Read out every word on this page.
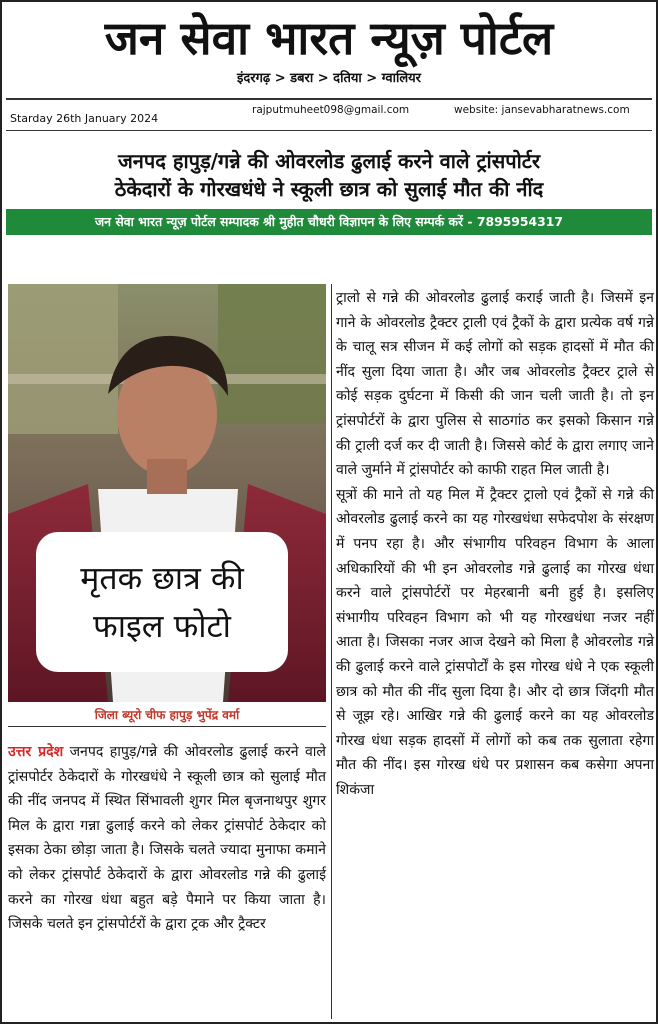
जन सेवा भारत न्यूज़ पोर्टल
इंदरगढ़ > डबरा > दतिया > ग्वालियर
Starday 26th January 2024
rajputmuheet098@gmail.com	website: jansevabharatnews.com
जनपद हापुड़/गन्ने की ओवरलोड ढुलाई करने वाले ट्रांसपोर्टर
ठेकेदारों के गोरखधंधे ने स्कूली छात्र को सुलाई मौत की नींद
जन सेवा भारत न्यूज़ पोर्टल सम्पादक श्री मुहीत चौधरी विज्ञापन के लिए सम्पर्क करें - 7895954317
मृतक छात्र की
फाइल फोटो
जिला ब्यूरो चीफ हापुड़ भुपेंद्र वर्मा

ट्रालो से गन्ने की ओवरलोड ढुलाई कराई जाती है। जिसमें इन गाने के ओवरलोड ट्रैक्टर ट्राली एवं ट्रैकों के द्वारा प्रत्येक वर्ष गन्ने के चालू सत्र सीजन में कई लोगों को सड़क हादसों में मौत की नींद सुला दिया जाता है। और जब ओवरलोड ट्रैक्टर ट्राले से कोई सड़क दुर्घटना में किसी की जान चली जाती है। तो इन ट्रांसपोर्टरों के द्वारा पुलिस से साठगांठ कर इसको किसान गन्ने की ट्राली दर्ज कर दी जाती है। जिससे कोर्ट के द्वारा लगाए जाने वाले जुर्माने में ट्रांसपोर्टर को काफी राहत मिल जाती है।

सूत्रों की माने तो यह मिल में ट्रैक्टर ट्रालो एवं ट्रैकों से गन्ने की ओवरलोड ढुलाई करने का यह गोरखधंधा सफेदपोश के संरक्षण में पनप रहा है। और संभागीय परिवहन विभाग के आला अधिकारियों की भी इन ओवरलोड गन्ने ढुलाई का गोरख धंधा करने वाले ट्रांसपोर्टरों पर मेहरबानी बनी हुई है। इसलिए संभागीय परिवहन विभाग को भी यह गोरखधंधा नजर नहीं आता है। जिसका नजर आज देखने को मिला है ओवरलोड गन्ने की ढुलाई करने वाले ट्रांसपोर्टों के इस गोरख धंधे ने एक स्कूली छात्र को मौत की नींद सुला दिया है। और दो छात्र जिंदगी मौत से जूझ रहे। आखिर गन्ने की ढुलाई करने का यह ओवरलोड गोरख धंधा सड़क हादसों में लोगों को कब तक सुलाता रहेगा मौत की नींद। इस गोरख धंधे पर प्रशासन कब कसेगा अपना शिकंजा

उत्तर प्रदेश जनपद हापुड़/गन्ने की ओवरलोड ढुलाई करने वाले ट्रांसपोर्टर ठेकेदारों के गोरखधंधे ने स्कूली छात्र को सुलाई मौत की नींद जनपद में स्थित सिंभावली शुगर मिल बृजनाथपुर शुगर मिल के द्वारा गन्ना ढुलाई करने को लेकर ट्रांसपोर्ट ठेकेदार को इसका ठेका छोड़ा जाता है। जिसके चलते ज्यादा मुनाफा कमाने को लेकर ट्रांसपोर्ट ठेकेदारों के द्वारा ओवरलोड गन्ने की ढुलाई करने का गोरख धंधा बहुत बड़े पैमाने पर किया जाता है। जिसके चलते इन ट्रांसपोर्टरों के द्वारा ट्रक और ट्रैक्टर
